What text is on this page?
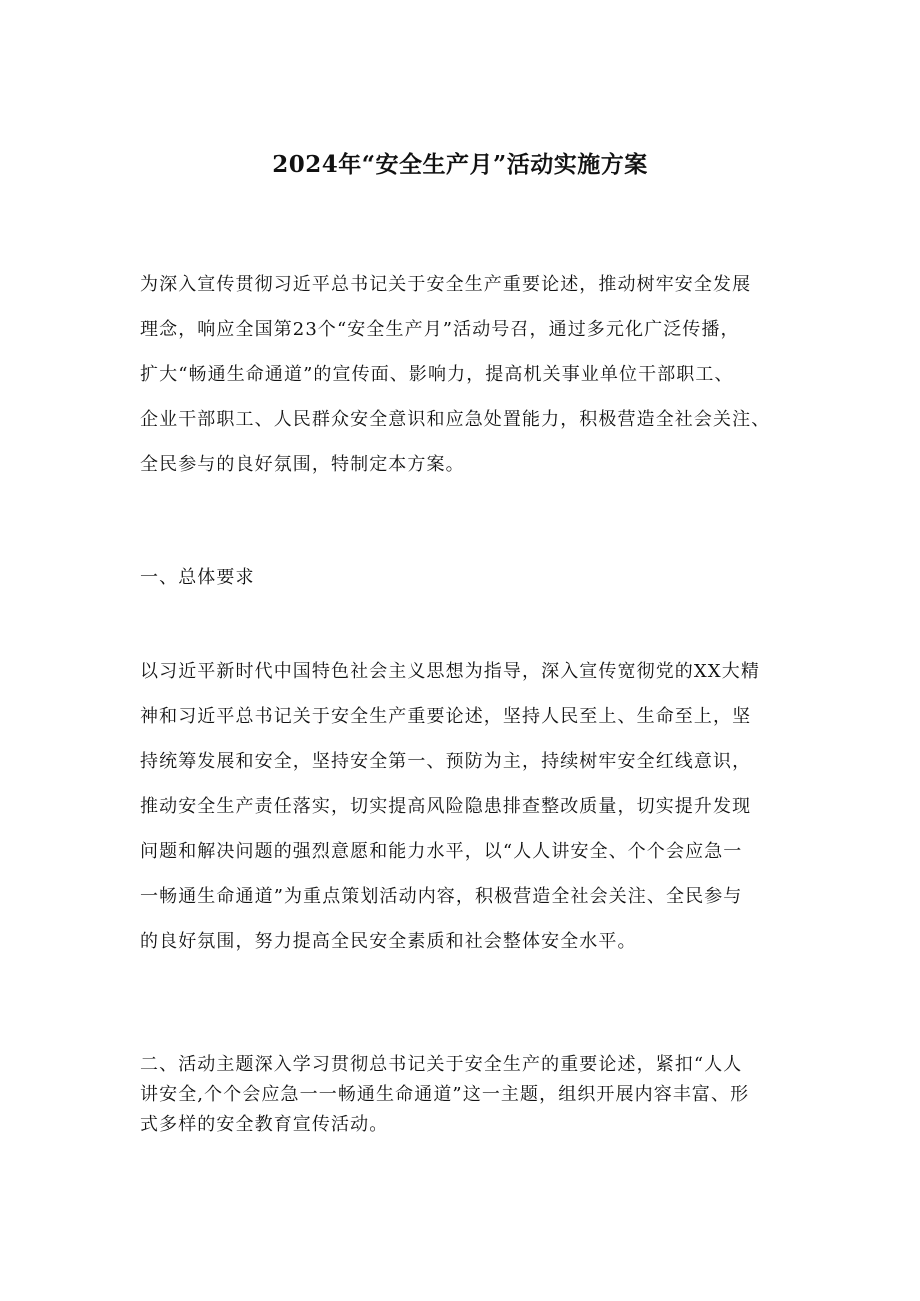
2024年“安全生产月”活动实施方案
为深入宣传贯彻习近平总书记关于安全生产重要论述，推动树牢安全发展
理念，响应全国第23个“安全生产月”活动号召，通过多元化广泛传播，
扩大“畅通生命通道”的宣传面、影响力，提高机关事业单位干部职工、
企业干部职工、人民群众安全意识和应急处置能力，积极营造全社会关注、
全民参与的良好氛围，特制定本方案。
一、总体要求
以习近平新时代中国特色社会主义思想为指导，深入宣传宽彻党的XX大精
神和习近平总书记关于安全生产重要论述，坚持人民至上、生命至上，坚
持统筹发展和安全，坚持安全第一、预防为主，持续树牢安全红线意识，
推动安全生产责任落实，切实提高风险隐患排查整改质量，切实提升发现
问题和解决问题的强烈意愿和能力水平，以“人人讲安全、个个会应急一
一畅通生命通道”为重点策划活动内容，积极营造全社会关注、全民参与
的良好氛围，努力提高全民安全素质和社会整体安全水平。
二、活动主题深入学习贯彻总书记关于安全生产的重要论述，紧扣“人人
讲安全,个个会应急一一畅通生命通道”这一主题，组织开展内容丰富、形
式多样的安全教育宣传活动。
